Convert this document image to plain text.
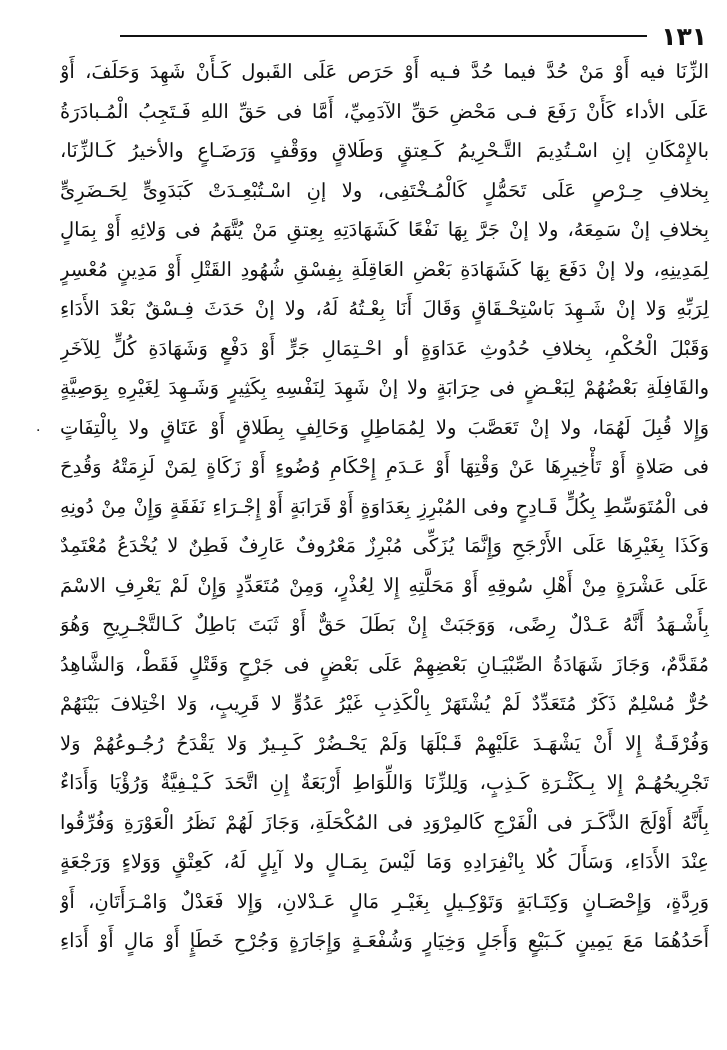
١٣١
الزِّنَا فيه أَوْ مَنْ حُدَّ فيما حُدَّ فـيه أَوْ حَرَص عَلَى القَبول كَـأَنْ شَهِدَ وَحَلَفَ، أَوْ
عَلَى الأداء كَأَنْ رَفَعَ فـى مَحْضِ حَقِّ الآدَمِيِّ، أَمَّا فى حَقِّ اللهِ فَـتَجِبُ الْمُـبادَرَةُ
بالإِمْكَانِ إنِ اسْـتُدِيمَ التَّـحْرِيمُ كَـعِتقٍ وَطَلاقٍ ووَقْفٍ وَرَضَـاعٍ والأخيرُ كَـالزِّنَا،
بِخلافِ حِـرْصٍ عَلَى تَحَمُّلٍ كَالْمُـخْتَفِى، ولا إنِ اسْـتُبْعِـدَتْ كَبَدَوِىٍّ لِحَـضَرِىٍّ
بِخلافِ إنْ سَمِعَهُ، ولا إنْ جَرَّ بِهَا نَفْعًا كَشَهَادَتِهِ بِعِتقِ مَنْ يُتَّهَمُ فى وَلائِهِ أَوْ بِمَالٍ
لِمَدِينِهِ، ولا إنْ دَفَعَ بِهَا كَشَهَادَةِ بَعْضِ العَاقِلَةِ بِفِسْقِ شُهُودِ القَتْلِ أَوْ مَدِينٍ مُعْسِرٍ
لِرَبِّهِ وَلا إنْ شَـهِدَ بَاسْتِحْـقَاقٍ وَقَالَ أَنَا بِعْـتُهُ لَهُ، ولا إنْ حَدَثَ فِـسْقٌ بَعْدَ الأَدَاءِ
وَقَبْلَ الْحُكْمِ، بِخلافِ حُدُوثِ عَدَاوَةٍ أو احْـتِمَالِ جَرٍّ أَوْ دَفْعٍ وَشَهَادَةِ كُلٍّ لِلآخَرِ
والقَافِلَةِ بَعْضُهُمْ لِبَعْـضٍ فى حِرَابَةٍ ولا إنْ شَهِدَ لِنَفْسِهِ بِكَثِيرٍ وَشَـهِدَ لِغَيْرِهِ بِوَصِيَّةٍ
وَإِلا قُبِلَ لَهُمَا، ولا إنْ تَعَصَّبَ ولا لِمُمَاطِلٍ وَحَالِفٍ بِطَلاقٍ أَوْ عَتَاقٍ ولا بِالْتِفَاتٍ
فى صَلاةٍ أَوْ تَأْخِيرِهَا عَنْ وَقْتِهَا أَوْ عَـدَمِ إِحْكَامِ وُضُوءٍ أَوْ زَكَاةٍ لِمَنْ لَزِمَتْهُ وَقُدِحَ
فى الْمُتَوَسِّطِ بِكُلٍّ قَـادِحٍ وفى المُبْرِزِ بِعَدَاوَةٍ أَوْ قَرَابَةٍ أَوْ إِجْـرَاءِ نَفَقَةٍ وَإِنْ مِنْ دُونِهِ
وَكَذَا بِغَيْرِهَا عَلَى الأَرْجَحِ وَإِنَّمَا يُزَكِّى مُبْرِزٌ مَعْرُوفٌ عَارِفٌ فَطِنٌ لا يُخْدَعُ مُعْتَمِدٌ
عَلَى عَشْرَةٍ مِنْ أَهْلِ سُوقِهِ أَوْ مَحَلَّتِهِ إِلا لِعُذْرٍ، وَمِنْ مُتَعَدِّدٍ وَإِنْ لَمْ يَعْرِفِ الاسْمَ
بِأَشْـهَدُ أَنَّهُ عَـدْلٌ رِضًى، وَوَجَبَتْ إِنْ بَطَلَ حَقٌّ أَوْ ثَبَتَ بَاطِلٌ كَـالتَّجْـرِيحِ وَهُوَ
مُقَدَّمٌ، وَجَازَ شَهَادَةُ الصِّبْيَـانِ بَعْضِهِمْ عَلَى بَعْضٍ فى جَرْحٍ وَقَتْلٍ فَقَطْ، وَالشَّاهِدُ
حُرٌّ مُسْلِمٌ ذَكَرٌ مُتَعَدِّدٌ لَمْ يُشْتَهَرْ بِالْكَذِبِ غَيْرُ عَدُوٍّ لا قَرِيبٍ، وَلا اخْتِلافَ بَيْنَهُمْ
وَفُرْقَـةٌ إِلا أَنْ يَشْهَـدَ عَلَيْهِمْ قَـبْلَهَا وَلَمْ يَحْـضُرْ كَـبِـيرٌ وَلا يَقْدَحُ رُجُـوعُهُمْ وَلا
تَجْرِيحُهُـمْ إِلا بِـكَثْـرَةِ كَـذِبٍ، وَلِلزِّنَا وَاللِّوَاطِ أَرْبَعَةٌ إِنِ اتَّحَدَ كَـيْـفِيَّةٌ وَرُؤْيَا وَأَدَاءٌ
بِأَنَّهُ أَوْلَجَ الذَّكَـرَ فى الْفَرْجِ كَالمِرْوَدِ فى المُكْحَلَةِ، وَجَازَ لَهُمْ نَظَرُ الْعَوْرَةِ وَفُرِّقُوا
عِنْدَ الأَدَاءِ، وَسَأَلَ كُلا بِانْفِرَادِهِ وَمَا لَيْسَ بِمَـالٍ ولا آيِلٍ لَهُ، كَعِتْقٍ وَوَلاءٍ وَرَجْعَةٍ
وَرِدَّةٍ، وَإِحْصَـانٍ وَكِتَـابَةٍ وَتَوْكِـيلٍ بِغَيْـرِ مَالٍ عَـدْلانِ، وَإِلا فَعَدْلٌ وَامْـرَأَتَانِ، أَوْ
أَحَدُهُمَا مَعَ يَمِينٍ كَـبَيْعٍ وَأَجَلٍ وَخِيَارٍ وَشُفْعَـةٍ وَإِجَارَةٍ وَجُرْحِ خَطَإٍ أَوْ مَالٍ أَوْ أَدَاءِ
·
